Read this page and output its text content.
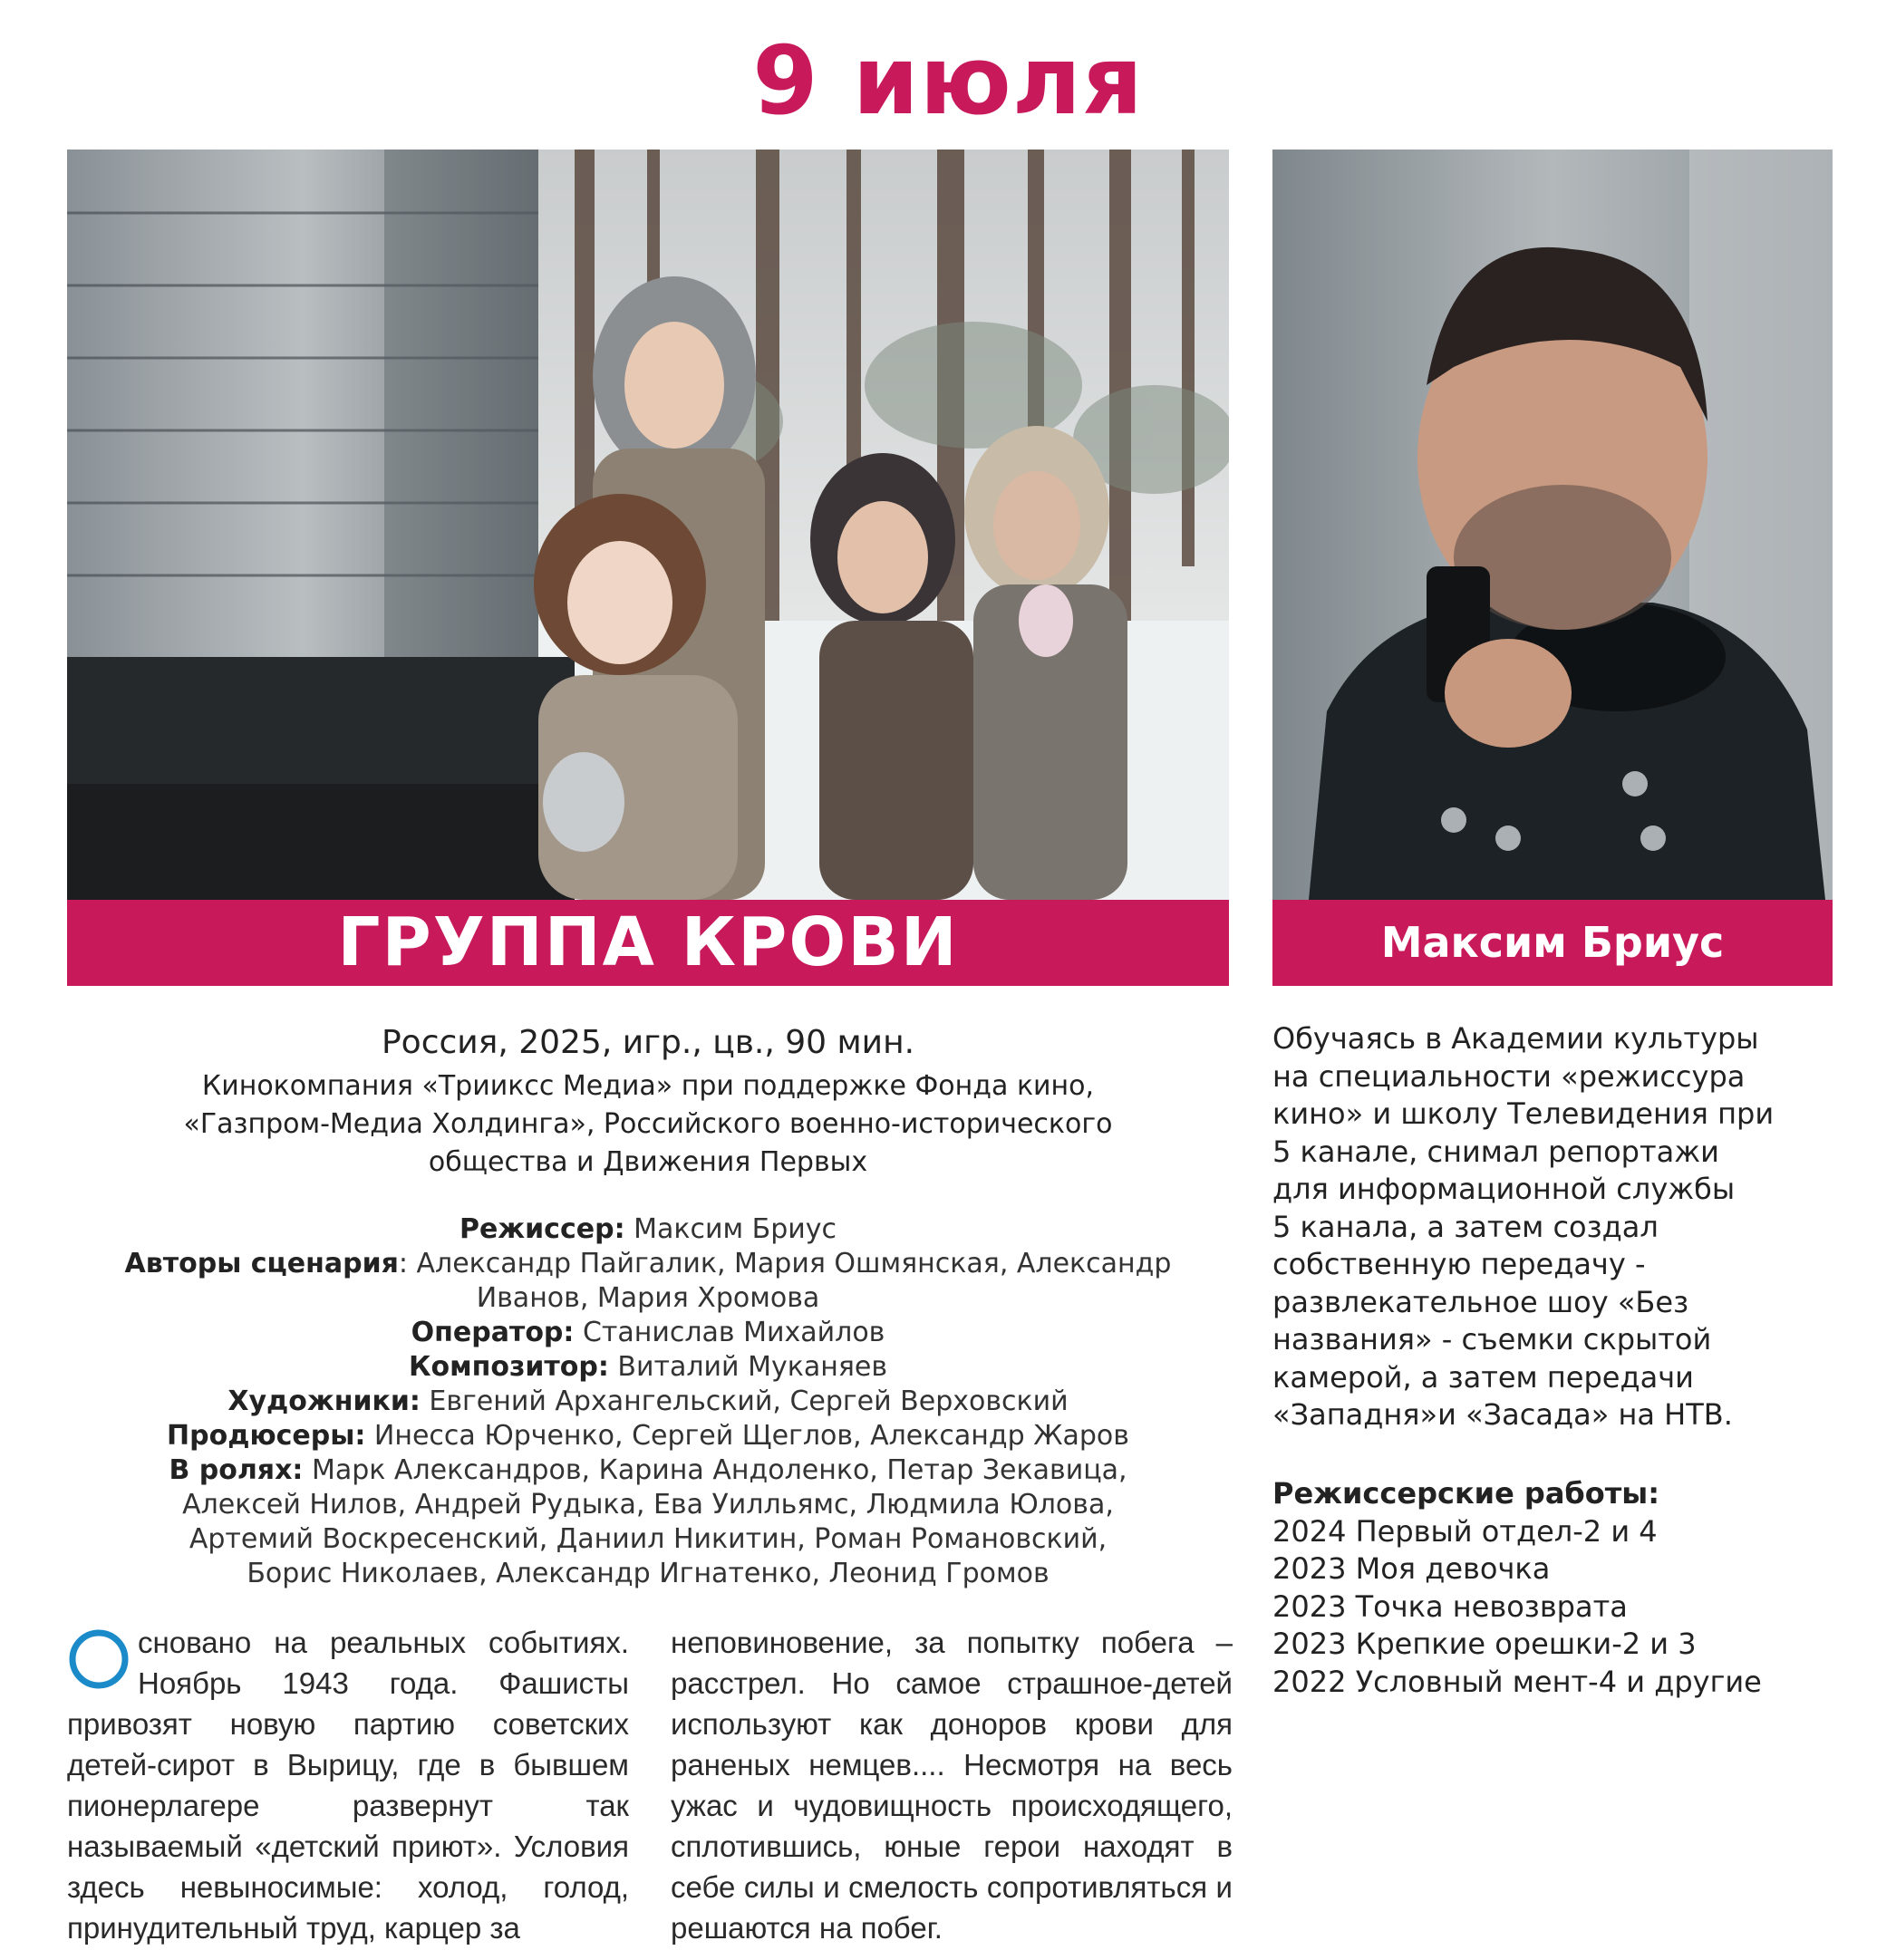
9 июля
ГРУППА КРОВИ	Максим Бриус
Россия, 2025, игр., цв., 90 мин.
Кинокомпания «Трииксс Медиа» при поддержке Фонда кино,
«Газпром-Медиа Холдинга», Российского военно-исторического
общества и Движения Первых
Режиссер: Максим Бриус
Авторы сценария: Александр Пайгалик, Мария Ошмянская, Александр
Иванов, Мария Хромова
Оператор: Станислав Михайлов
Композитор: Виталий Муканяев
Художники: Евгений Архангельский, Сергей Верховский
Продюсеры: Инесса Юрченко, Сергей Щеглов, Александр Жаров
В ролях: Марк Александров, Карина Андоленко, Петар Зекавица,
Алексей Нилов, Андрей Рудыка, Ева Уилльямс, Людмила Юлова,
Артемий Воскресенский, Даниил Никитин, Роман Романовский,
Борис Николаев, Александр Игнатенко, Леонид Громов
сновано на реальных событиях. Ноябрь 1943 года. Фашисты привозят новую партию советских детей-сирот в Вырицу, где в бывшем пионерлагере развернут так называемый «детский приют». Условия здесь невыносимые: холод, голод, принудительный труд, карцер за
неповиновение, за попытку побега – расстрел. Но самое страшное-детей используют как доноров крови для раненых немцев.... Несмотря на весь ужас и чудовищность происходящего, сплотившись, юные герои находят в себе силы и смелость сопротивляться и решаются на побег.
Обучаясь в Академии культуры
на специальности «режиссура
кино» и школу Телевидения при
5 канале, снимал репортажи
для информационной службы
5 канала, а затем создал
собственную передачу -
развлекательное шоу «Без
названия» - съемки скрытой
камерой, а затем передачи
«Западня»и «Засада» на НТВ.
Режиссерские работы:
2024 Первый отдел-2 и 4
2023 Моя девочка
2023 Точка невозврата
2023 Крепкие орешки-2 и 3
2022 Условный мент-4 и другие
